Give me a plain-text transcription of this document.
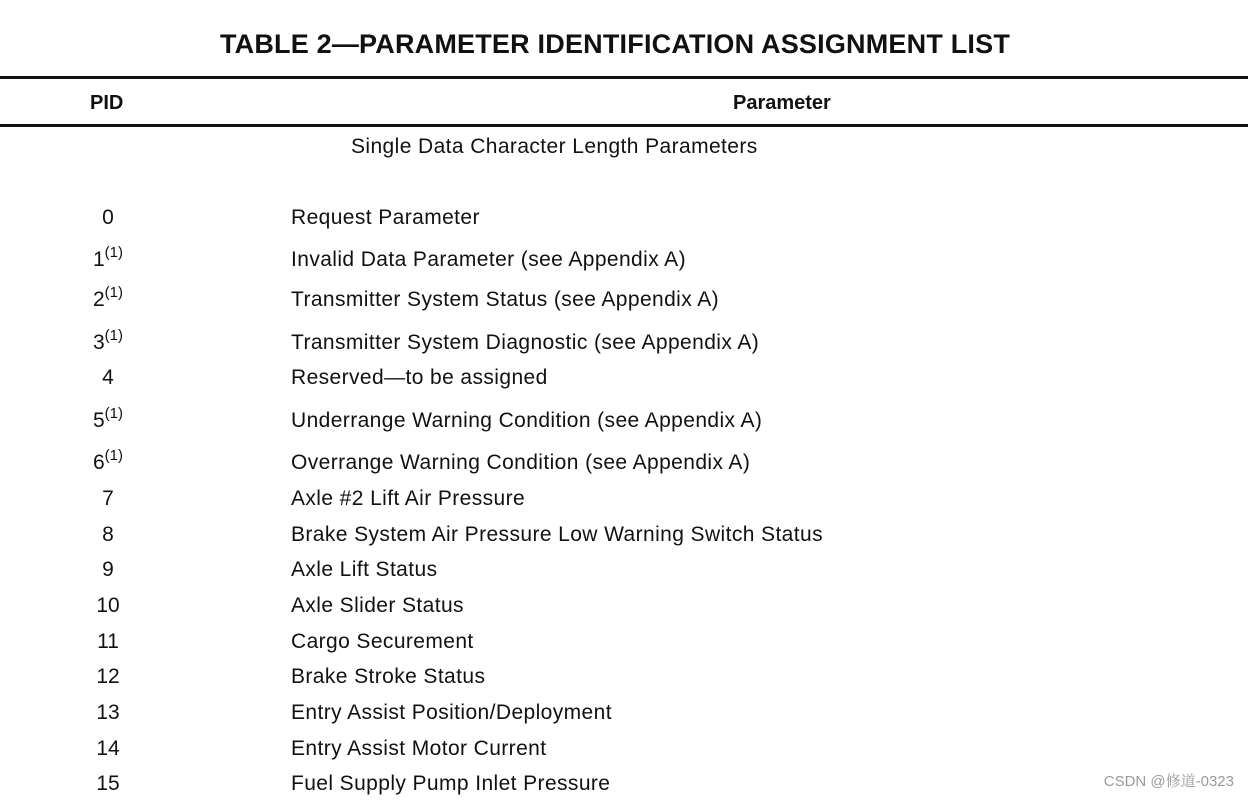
TABLE 2—PARAMETER IDENTIFICATION ASSIGNMENT LIST
PID	Parameter
Single Data Character Length Parameters
0	Request Parameter
1$^{(1)}$	Invalid Data Parameter (see Appendix A)
2$^{(1)}$	Transmitter System Status (see Appendix A)
3$^{(1)}$	Transmitter System Diagnostic (see Appendix A)
4	Reserved—to be assigned
5$^{(1)}$	Underrange Warning Condition (see Appendix A)
6$^{(1)}$	Overrange Warning Condition (see Appendix A)
7	Axle #2 Lift Air Pressure
8	Brake System Air Pressure Low Warning Switch Status
9	Axle Lift Status
10	Axle Slider Status
11	Cargo Securement
12	Brake Stroke Status
13	Entry Assist Position/Deployment
14	Entry Assist Motor Current
15	Fuel Supply Pump Inlet Pressure	CSDN @修道-0323
